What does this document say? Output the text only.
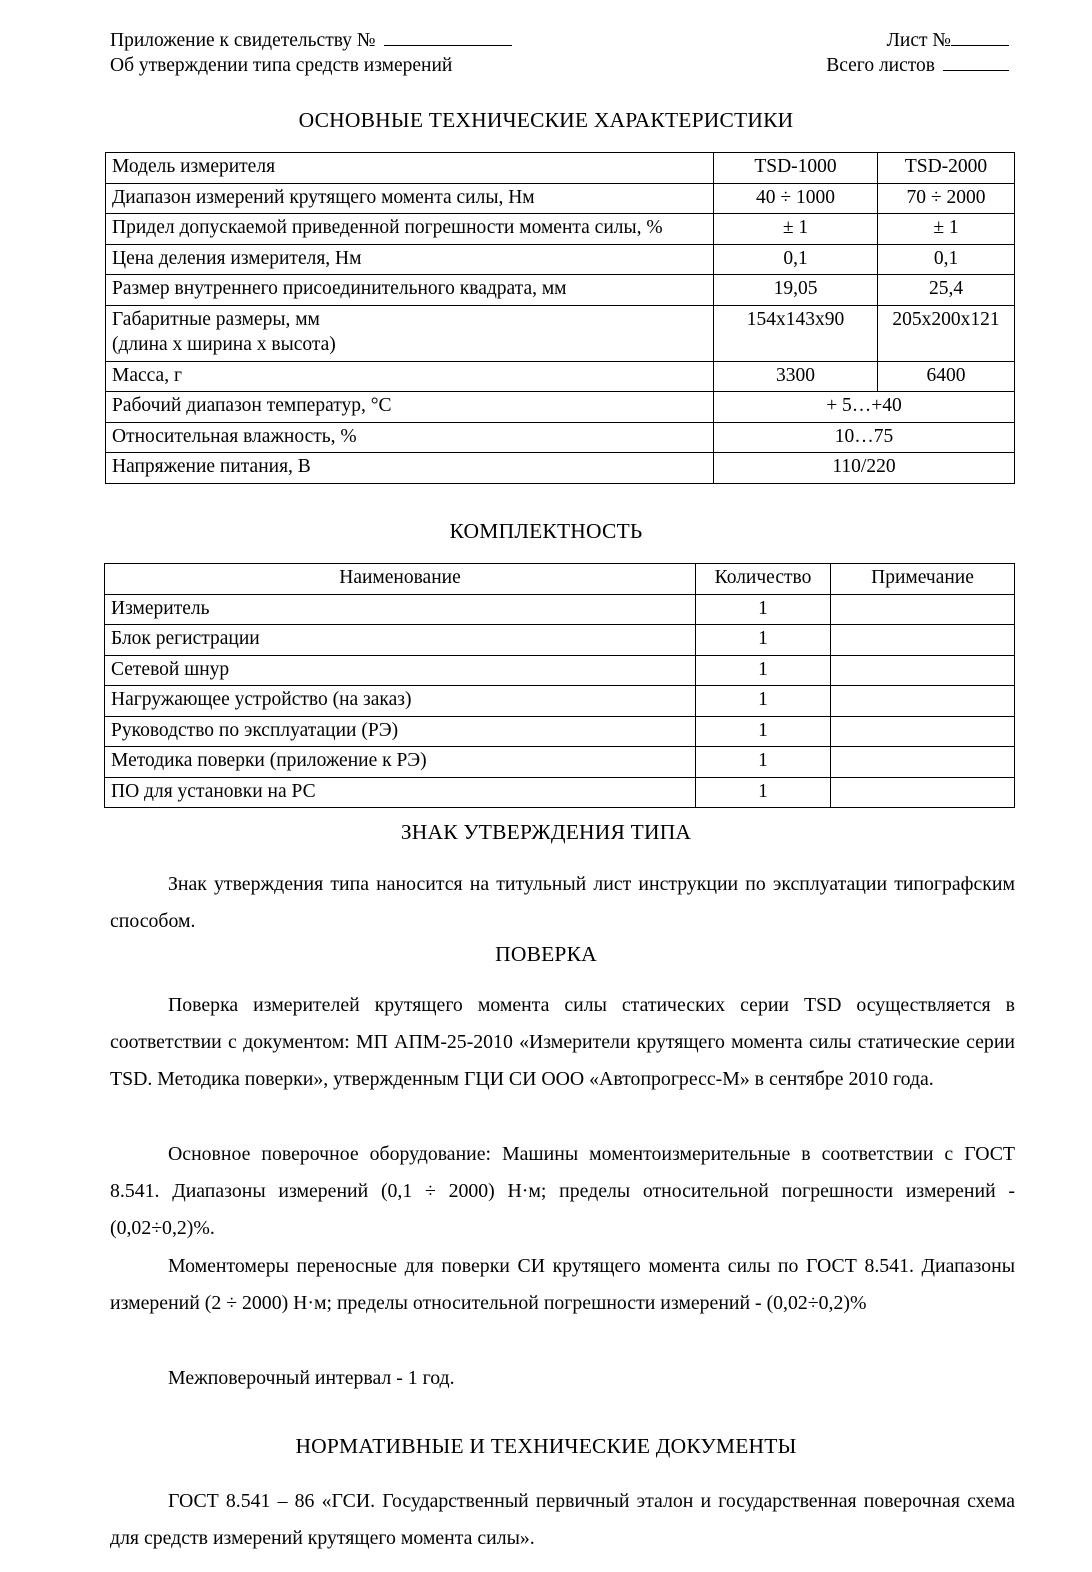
Приложение к свидетельству №
Об утверждении типа средств измерений
Лист №
Всего листов
ОСНОВНЫЕ ТЕХНИЧЕСКИЕ ХАРАКТЕРИСТИКИ
Модель измерителя	TSD-1000	TSD-2000
Диапазон измерений крутящего момента силы, Нм	40 ÷ 1000	70 ÷ 2000
Придел допускаемой приведенной погрешности момента силы, %	± 1	± 1
Цена деления измерителя, Нм	0,1	0,1
Размер внутреннего присоединительного квадрата, мм	19,05	25,4
Габаритные размеры, мм
(длина х ширина х высота)	154х143х90	205х200х121
Масса, г	3300	6400
Рабочий диапазон температур, °С	+ 5…+40	
Относительная влажность, %	10…75	
Напряжение питания, В	110/220	
КОМПЛЕКТНОСТЬ
Наименование	Количество	Примечание
Измеритель	1	
Блок регистрации	1	
Сетевой шнур	1	
Нагружающее устройство (на заказ)	1	
Руководство по эксплуатации (РЭ)	1	
Методика поверки (приложение к РЭ)	1	
ПО для установки на РС	1	
ЗНАК УТВЕРЖДЕНИЯ ТИПА
Знак утверждения типа наносится на титульный лист инструкции по эксплуатации типографским способом.
ПОВЕРКА
Поверка измерителей крутящего момента силы статических серии TSD осуществляется в соответствии с документом: МП АПМ-25-2010 «Измерители крутящего момента силы статические серии TSD. Методика поверки», утвержденным ГЦИ СИ ООО «Автопрогресс-М» в сентябре 2010 года.
Основное поверочное оборудование: Машины моментоизмерительные в соответствии с ГОСТ 8.541. Диапазоны измерений (0,1 ÷ 2000) Н·м; пределы относительной погрешности измерений - (0,02÷0,2)%.
Моментомеры переносные для поверки СИ крутящего момента силы по ГОСТ 8.541. Диапазоны измерений (2 ÷ 2000) Н·м; пределы относительной погрешности измерений - (0,02÷0,2)%
Межповерочный интервал - 1 год.
НОРМАТИВНЫЕ И ТЕХНИЧЕСКИЕ ДОКУМЕНТЫ
ГОСТ 8.541 – 86 «ГСИ. Государственный первичный эталон и государственная поверочная схема для средств измерений крутящего момента силы».
